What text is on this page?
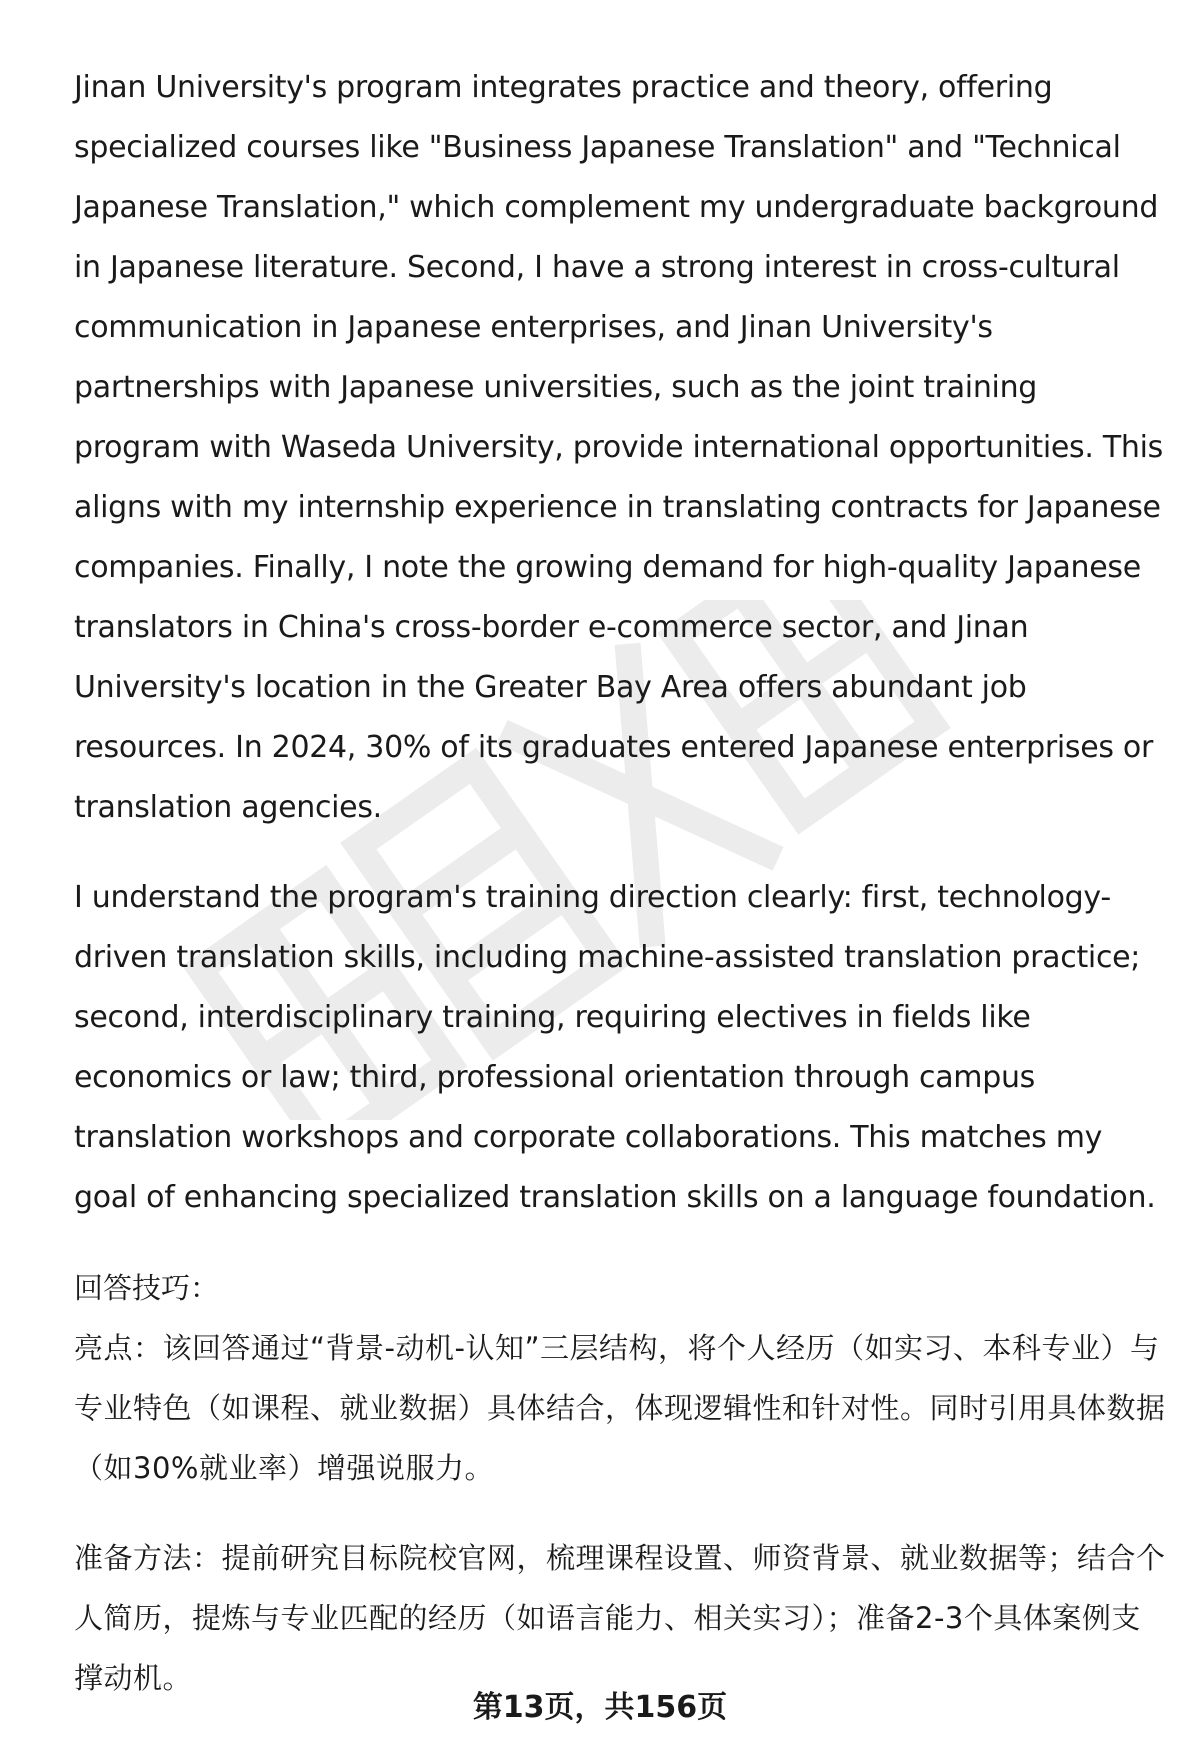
Jinan University's program integrates practice and theory, offering specialized courses like "Business Japanese Translation" and "Technical Japanese Translation," which complement my undergraduate background in Japanese literature. Second, I have a strong interest in cross-cultural communication in Japanese enterprises, and Jinan University's partnerships with Japanese universities, such as the joint training program with Waseda University, provide international opportunities. This aligns with my internship experience in translating contracts for Japanese companies. Finally, I note the growing demand for high-quality Japanese translators in China's cross-border e-commerce sector, and Jinan University's location in the Greater Bay Area offers abundant job resources. In 2024, 30% of its graduates entered Japanese enterprises or translation agencies.

I understand the program's training direction clearly: first, technology-driven translation skills, including machine-assisted translation practice; second, interdisciplinary training, requiring electives in fields like economics or law; third, professional orientation through campus translation workshops and corporate collaborations. This matches my goal of enhancing specialized translation skills on a language foundation.

回答技巧：

亮点：该回答通过“背景-动机-认知”三层结构，将个人经历（如实习、本科专业）与专业特色（如课程、就业数据）具体结合，体现逻辑性和针对性。同时引用具体数据（如30%就业率）增强说服力。

准备方法：提前研究目标院校官网，梳理课程设置、师资背景、就业数据等；结合个人简历，提炼与专业匹配的经历（如语言能力、相关实习）；准备2-3个具体案例支撑动机。

第13页，共156页
